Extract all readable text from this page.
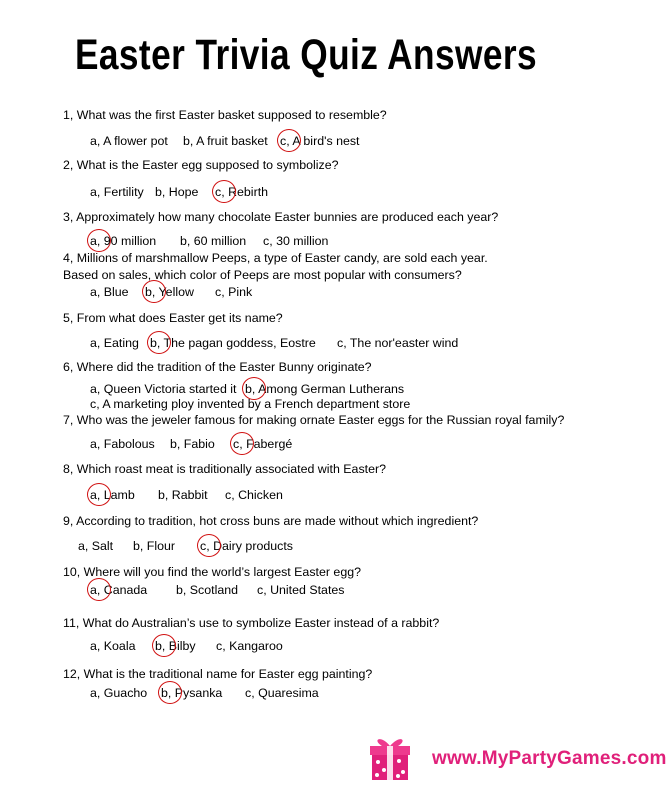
Easter Trivia Quiz Answers
1, What was the first Easter basket supposed to resemble?
a, A flower pot b, A fruit basket c, A bird's nest
2, What is the Easter egg supposed to symbolize?
a, Fertility b, Hope c, Rebirth
3, Approximately how many chocolate Easter bunnies are produced each year?
a, 90 million b, 60 million c, 30 million
4, Millions of marshmallow Peeps, a type of Easter candy, are sold each year.
Based on sales, which color of Peeps are most popular with consumers?
a, Blue b, Yellow c, Pink
5, From what does Easter get its name?
a, Eating b, The pagan goddess, Eostre c, The nor'easter wind
6, Where did the tradition of the Easter Bunny originate?
a, Queen Victoria started it b, Among German Lutherans
c, A marketing ploy invented by a French department store
7, Who was the jeweler famous for making ornate Easter eggs for the Russian royal family?
a, Fabolous b, Fabio c, Fabergé
8, Which roast meat is traditionally associated with Easter?
a, Lamb b, Rabbit c, Chicken
9, According to tradition, hot cross buns are made without which ingredient?
a, Salt b, Flour c, Dairy products
10, Where will you find the world’s largest Easter egg?
a, Canada b, Scotland c, United States
11, What do Australian’s use to symbolize Easter instead of a rabbit?
a, Koala b, Bilby c, Kangaroo
12, What is the traditional name for Easter egg painting?
a, Guacho b, Pysanka c, Quaresima
www.MyPartyGames.com
